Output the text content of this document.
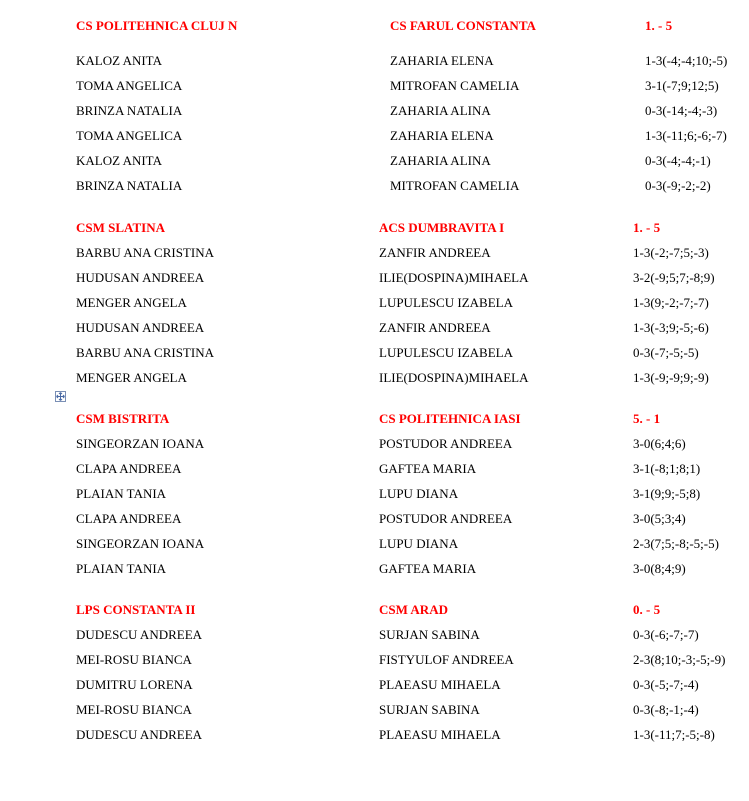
CS POLITEHNICA CLUJ N	CS FARUL CONSTANTA	1. - 5
KALOZ ANITA	ZAHARIA ELENA	1-3(-4;-4;10;-5)
TOMA ANGELICA	MITROFAN CAMELIA	3-1(-7;9;12;5)
BRINZA NATALIA	ZAHARIA ALINA	0-3(-14;-4;-3)
TOMA ANGELICA	ZAHARIA ELENA	1-3(-11;6;-6;-7)
KALOZ ANITA	ZAHARIA ALINA	0-3(-4;-4;-1)
BRINZA NATALIA	MITROFAN CAMELIA	0-3(-9;-2;-2)
CSM SLATINA	ACS DUMBRAVITA I	1. - 5
BARBU ANA CRISTINA	ZANFIR ANDREEA	1-3(-2;-7;5;-3)
HUDUSAN ANDREEA	ILIE(DOSPINA)MIHAELA	3-2(-9;5;7;-8;9)
MENGER ANGELA	LUPULESCU IZABELA	1-3(9;-2;-7;-7)
HUDUSAN ANDREEA	ZANFIR ANDREEA	1-3(-3;9;-5;-6)
BARBU ANA CRISTINA	LUPULESCU IZABELA	0-3(-7;-5;-5)
MENGER ANGELA	ILIE(DOSPINA)MIHAELA	1-3(-9;-9;9;-9)
CSM BISTRITA	CS POLITEHNICA IASI	5. - 1
SINGEORZAN IOANA	POSTUDOR ANDREEA	3-0(6;4;6)
CLAPA ANDREEA	GAFTEA MARIA	3-1(-8;1;8;1)
PLAIAN TANIA	LUPU DIANA	3-1(9;9;-5;8)
CLAPA ANDREEA	POSTUDOR ANDREEA	3-0(5;3;4)
SINGEORZAN IOANA	LUPU DIANA	2-3(7;5;-8;-5;-5)
PLAIAN TANIA	GAFTEA MARIA	3-0(8;4;9)
LPS CONSTANTA II	CSM ARAD	0. - 5
DUDESCU ANDREEA	SURJAN SABINA	0-3(-6;-7;-7)
MEI-ROSU BIANCA	FISTYULOF ANDREEA	2-3(8;10;-3;-5;-9)
DUMITRU LORENA	PLAEASU MIHAELA	0-3(-5;-7;-4)
MEI-ROSU BIANCA	SURJAN SABINA	0-3(-8;-1;-4)
DUDESCU ANDREEA	PLAEASU MIHAELA	1-3(-11;7;-5;-8)
